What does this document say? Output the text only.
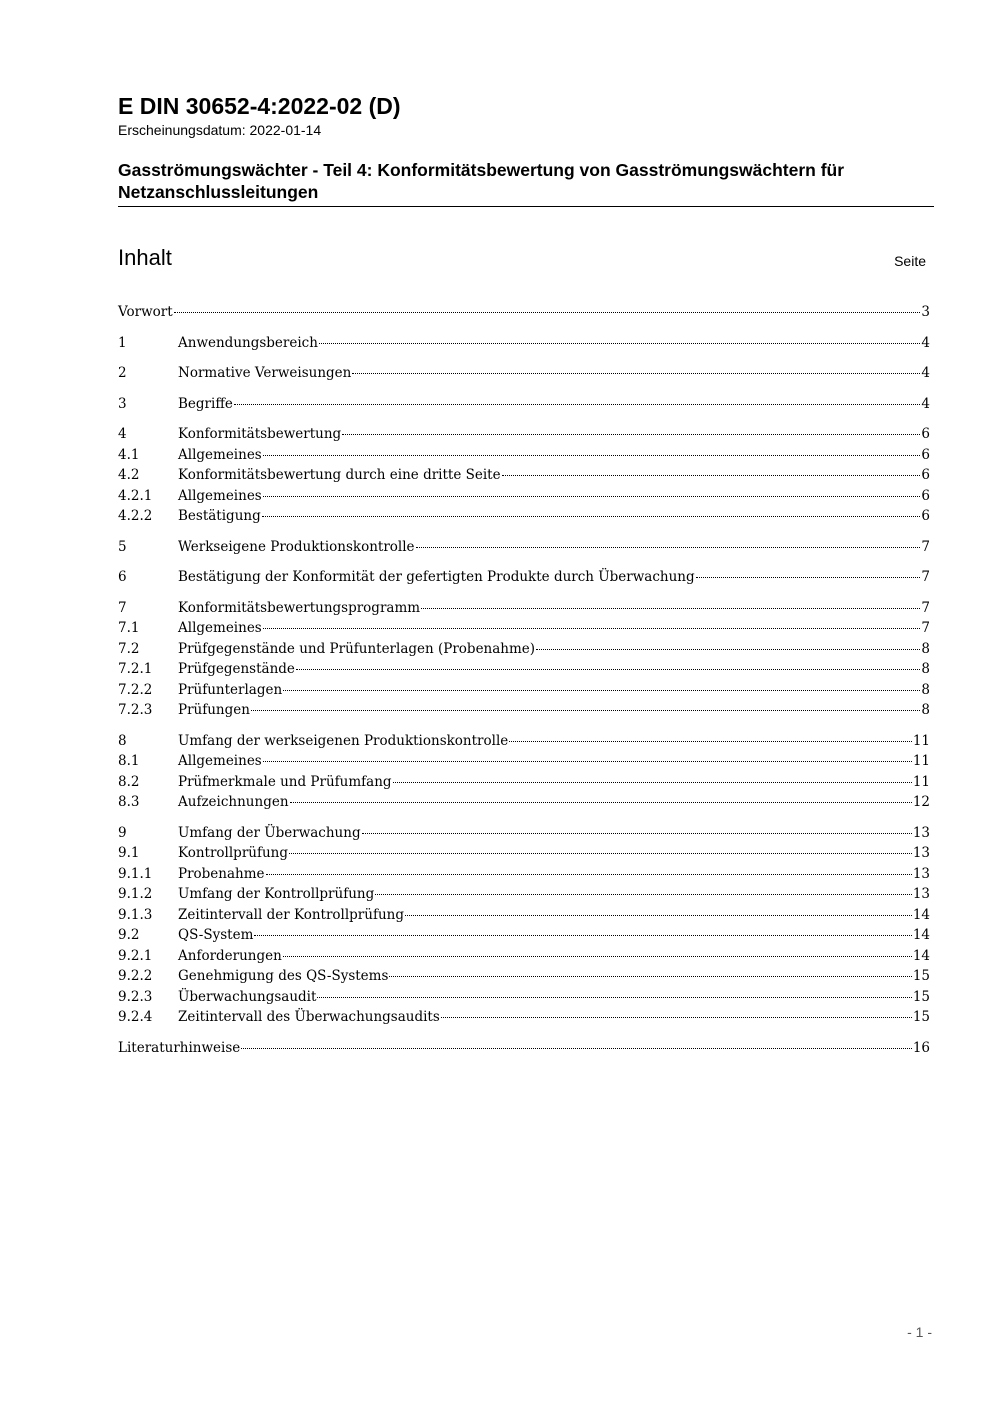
E DIN 30652-4:2022-02 (D)
Erscheinungsdatum: 2022-01-14
Gasströmungswächter - Teil 4: Konformitätsbewertung von Gasströmungswächtern für Netzanschlussleitungen
Inhalt	Seite
Vorwort	3
1	Anwendungsbereich	4
2	Normative Verweisungen	4
3	Begriffe	4
4	Konformitätsbewertung	6
4.1	Allgemeines	6
4.2	Konformitätsbewertung durch eine dritte Seite	6
4.2.1	Allgemeines	6
4.2.2	Bestätigung	6
5	Werkseigene Produktionskontrolle	7
6	Bestätigung der Konformität der gefertigten Produkte durch Überwachung	7
7	Konformitätsbewertungsprogramm	7
7.1	Allgemeines	7
7.2	Prüfgegenstände und Prüfunterlagen (Probenahme)	8
7.2.1	Prüfgegenstände	8
7.2.2	Prüfunterlagen	8
7.2.3	Prüfungen	8
8	Umfang der werkseigenen Produktionskontrolle	11
8.1	Allgemeines	11
8.2	Prüfmerkmale und Prüfumfang	11
8.3	Aufzeichnungen	12
9	Umfang der Überwachung	13
9.1	Kontrollprüfung	13
9.1.1	Probenahme	13
9.1.2	Umfang der Kontrollprüfung	13
9.1.3	Zeitintervall der Kontrollprüfung	14
9.2	QS-System	14
9.2.1	Anforderungen	14
9.2.2	Genehmigung des QS-Systems	15
9.2.3	Überwachungsaudit	15
9.2.4	Zeitintervall des Überwachungsaudits	15
Literaturhinweise	16
- 1 -
